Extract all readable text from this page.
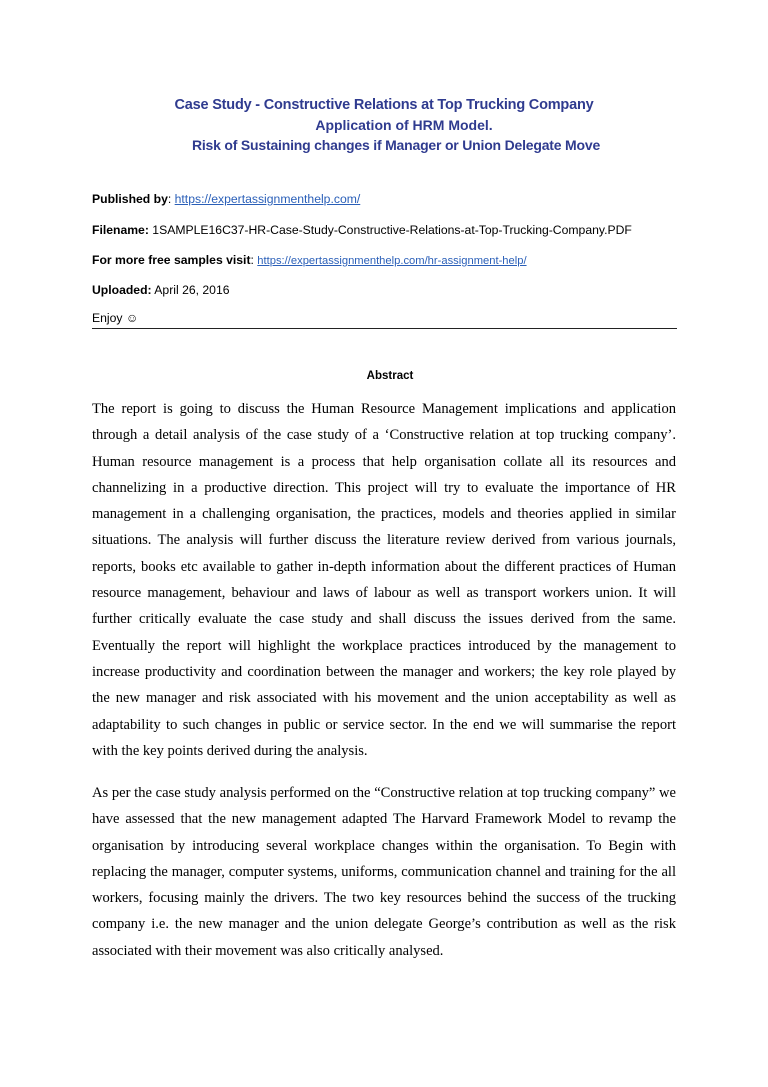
Case Study - Constructive Relations at Top Trucking Company
Application of HRM Model.
Risk of Sustaining changes if Manager or Union Delegate Move
Published by: https://expertassignmenthelp.com/
Filename: 1SAMPLE16C37-HR-Case-Study-Constructive-Relations-at-Top-Trucking-Company.PDF
For more free samples visit: https://expertassignmenthelp.com/hr-assignment-help/
Uploaded: April 26, 2016
Enjoy ☺
Abstract
The report is going to discuss the Human Resource Management implications and application through a detail analysis of the case study of a ‘Constructive relation at top trucking company’. Human resource management is a process that help organisation collate all its resources and channelizing in a productive direction. This project will try to evaluate the importance of HR management in a challenging organisation, the practices, models and theories applied in similar situations. The analysis will further discuss the literature review derived from various journals, reports, books etc available to gather in-depth information about the different practices of Human resource management, behaviour and laws of labour as well as transport workers union. It will further critically evaluate the case study and shall discuss the issues derived from the same. Eventually the report will highlight the workplace practices introduced by the management to increase productivity and coordination between the manager and workers; the key role played by the new manager and risk associated with his movement and the union acceptability as well as adaptability to such changes in public or service sector. In the end we will summarise the report with the key points derived during the analysis.
As per the case study analysis performed on the “Constructive relation at top trucking company” we have assessed that the new management adapted The Harvard Framework Model to revamp the organisation by introducing several workplace changes within the organisation. To Begin with replacing the manager, computer systems, uniforms, communication channel and training for the all workers, focusing mainly the drivers. The two key resources behind the success of the trucking company i.e. the new manager and the union delegate George’s contribution as well as the risk associated with their movement was also critically analysed.
